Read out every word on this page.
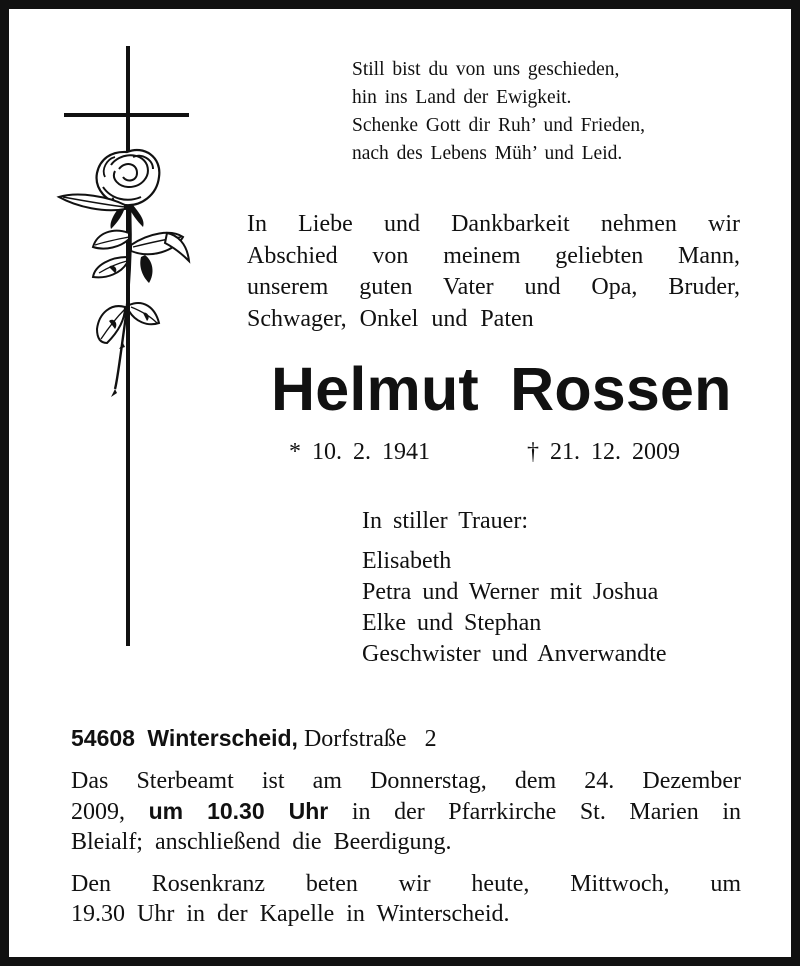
Still bist du von uns geschieden,
hin ins Land der Ewigkeit.
Schenke Gott dir Ruh’ und Frieden,
nach des Lebens Müh’ und Leid.
In Liebe und Dankbarkeit nehmen wir
Abschied von meinem geliebten Mann,
unserem guten Vater und Opa, Bruder,
Schwager, Onkel und Paten
Helmut Rossen
* 10. 2. 1941	† 21. 12. 2009
In stiller Trauer:
Elisabeth
Petra und Werner mit Joshua
Elke und Stephan
Geschwister und Anverwandte
54608 Winterscheid, Dorfstraße 2
Das Sterbeamt ist am Donnerstag, dem 24. Dezember
2009, um 10.30 Uhr in der Pfarrkirche St. Marien in
Bleialf; anschließend die Beerdigung.
Den Rosenkranz beten wir heute, Mittwoch, um
19.30 Uhr in der Kapelle in Winterscheid.
